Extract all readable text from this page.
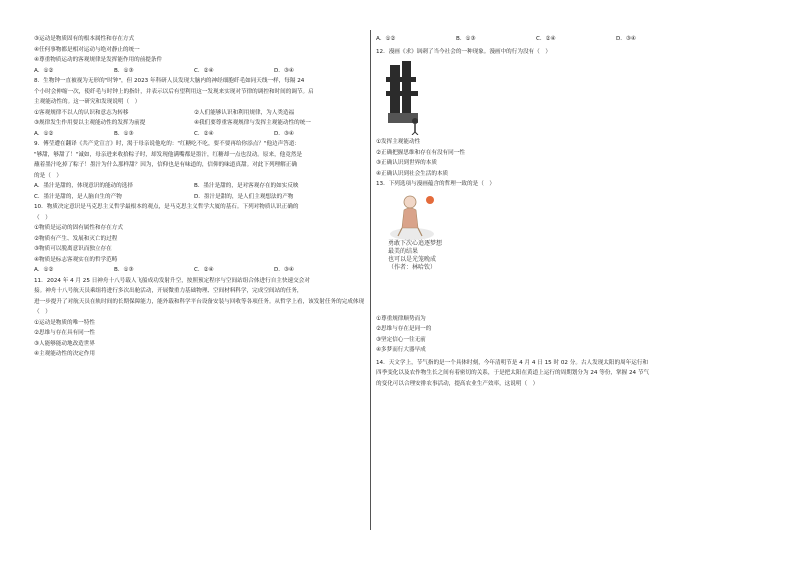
③运动是物质固有的根本属性和存在方式
④任何事物都是相对运动与绝对静止的统一
④尊重物质运动的客观规律是发挥能作用的前提条件
A．①②	B．①③	C．②④	D．③④
8．生物钟一直被视为无形的"时钟"，但 2023 年科研人员发现大脑内的神经细胞纤毛如同天线一样，每隔 24
个小时会伸缩一次，使纤毛与时钟上的指针，并表示以后有望利用这一发现来实现对节律的调控和时间的调节。启
主观能动性的。这一研究和发现说明（　）
①客观规律不以人的认识和意志为转移	②人们能够认识和利用规律，为人类造福
③规律发生作用要以主观能动性的发挥为前提	④我们要尊重客观规律与发挥主观能动性的统一
A．①②	B．①③	C．②④	D．③④
9．傅莹遭在翻译《共产党宣言》时，渴于母亲说他吃的："红糖吃不吃，要不要再给你添点？"他边声答道：
"够甜，够甜了！"诚如，母亲进来收拾粽子时，却发现他满嘴都是墨汁，红糖却一点也没动。原来，他竟然是
蘸着墨汁吃掉了粽子！墨汁为什么那样甜？因为，信仰也是有味道的，信仰的味道真甜。对此下列理解正确
的是（　）
A．墨汁是甜的，体现意识的能动的选择	B．墨汁是甜的，是对客观存在的如实反映
C．墨汁是甜的，是人脑自生的产物	D．墨汁是甜的，是人们主观想法的产物
10．物质决定意识是马克思主义哲学最根本的观点，是马克思主义哲学大厦的基石。下列对物质认识正确的
（　）
①物质是运动的固有属性和存在方式
②物质有产生、发展和灭亡的过程
③物质可以脱离意识而独立存在
④物质是标志客观实在的哲学范畴
A．①②	B．①③	C．②④	D．③④
11．2024 年 4 月 25 日神舟十八号载人飞船成功发射升空，按照预定程序与空间站组合体进行自主快速交会对
接。神舟十八号航天员乘组将进行多次出舱活动，开展微重力基础物理、空间材料科学，完成空间站的任务，
进一步提升了对航天员在轨时间的长期保障能力，能外载和科学平台设备安装与回收等各项任务。从哲学上看，该发射任务的完成体现
（　）
①运动是物质的唯一特性
②思维与存在具有同一性
③人能够能动地改造世界
④主观能动性的决定作用
A．①②	B．①③	C．②④	D．③④
12．漫画《求》讽刺了当今社会的一种现象。漫画中的行为没有（　）
①发挥主观能动性
②正确把握思维和存在有没有同一性
③正确认识到世界的本质
④正确认识到社会生活的本质
13．下列选项与漫画蕴含的哲理一致的是（　）
勇敢下次心追逐梦想
最美的结果
也可以是光笼晚成
（作者：林哈钦）
①尊重规律顺势而为
②思维与存在是同一的
③坚定信心一往无前
④多梦而行大器早成
14．天文学上，节气指的是一个具体时刻，今年清明节是 4 月 4 日 15 时 02 分。古人发现太阳的周年运行和
四季变化以及农作物生长之间有着密切的关系，于是把太阳在黄道上运行的周期划分为 24 等份，掌握 24 节气
的变化可以合理安排农事活动，提高农业生产效率，这说明（　）
